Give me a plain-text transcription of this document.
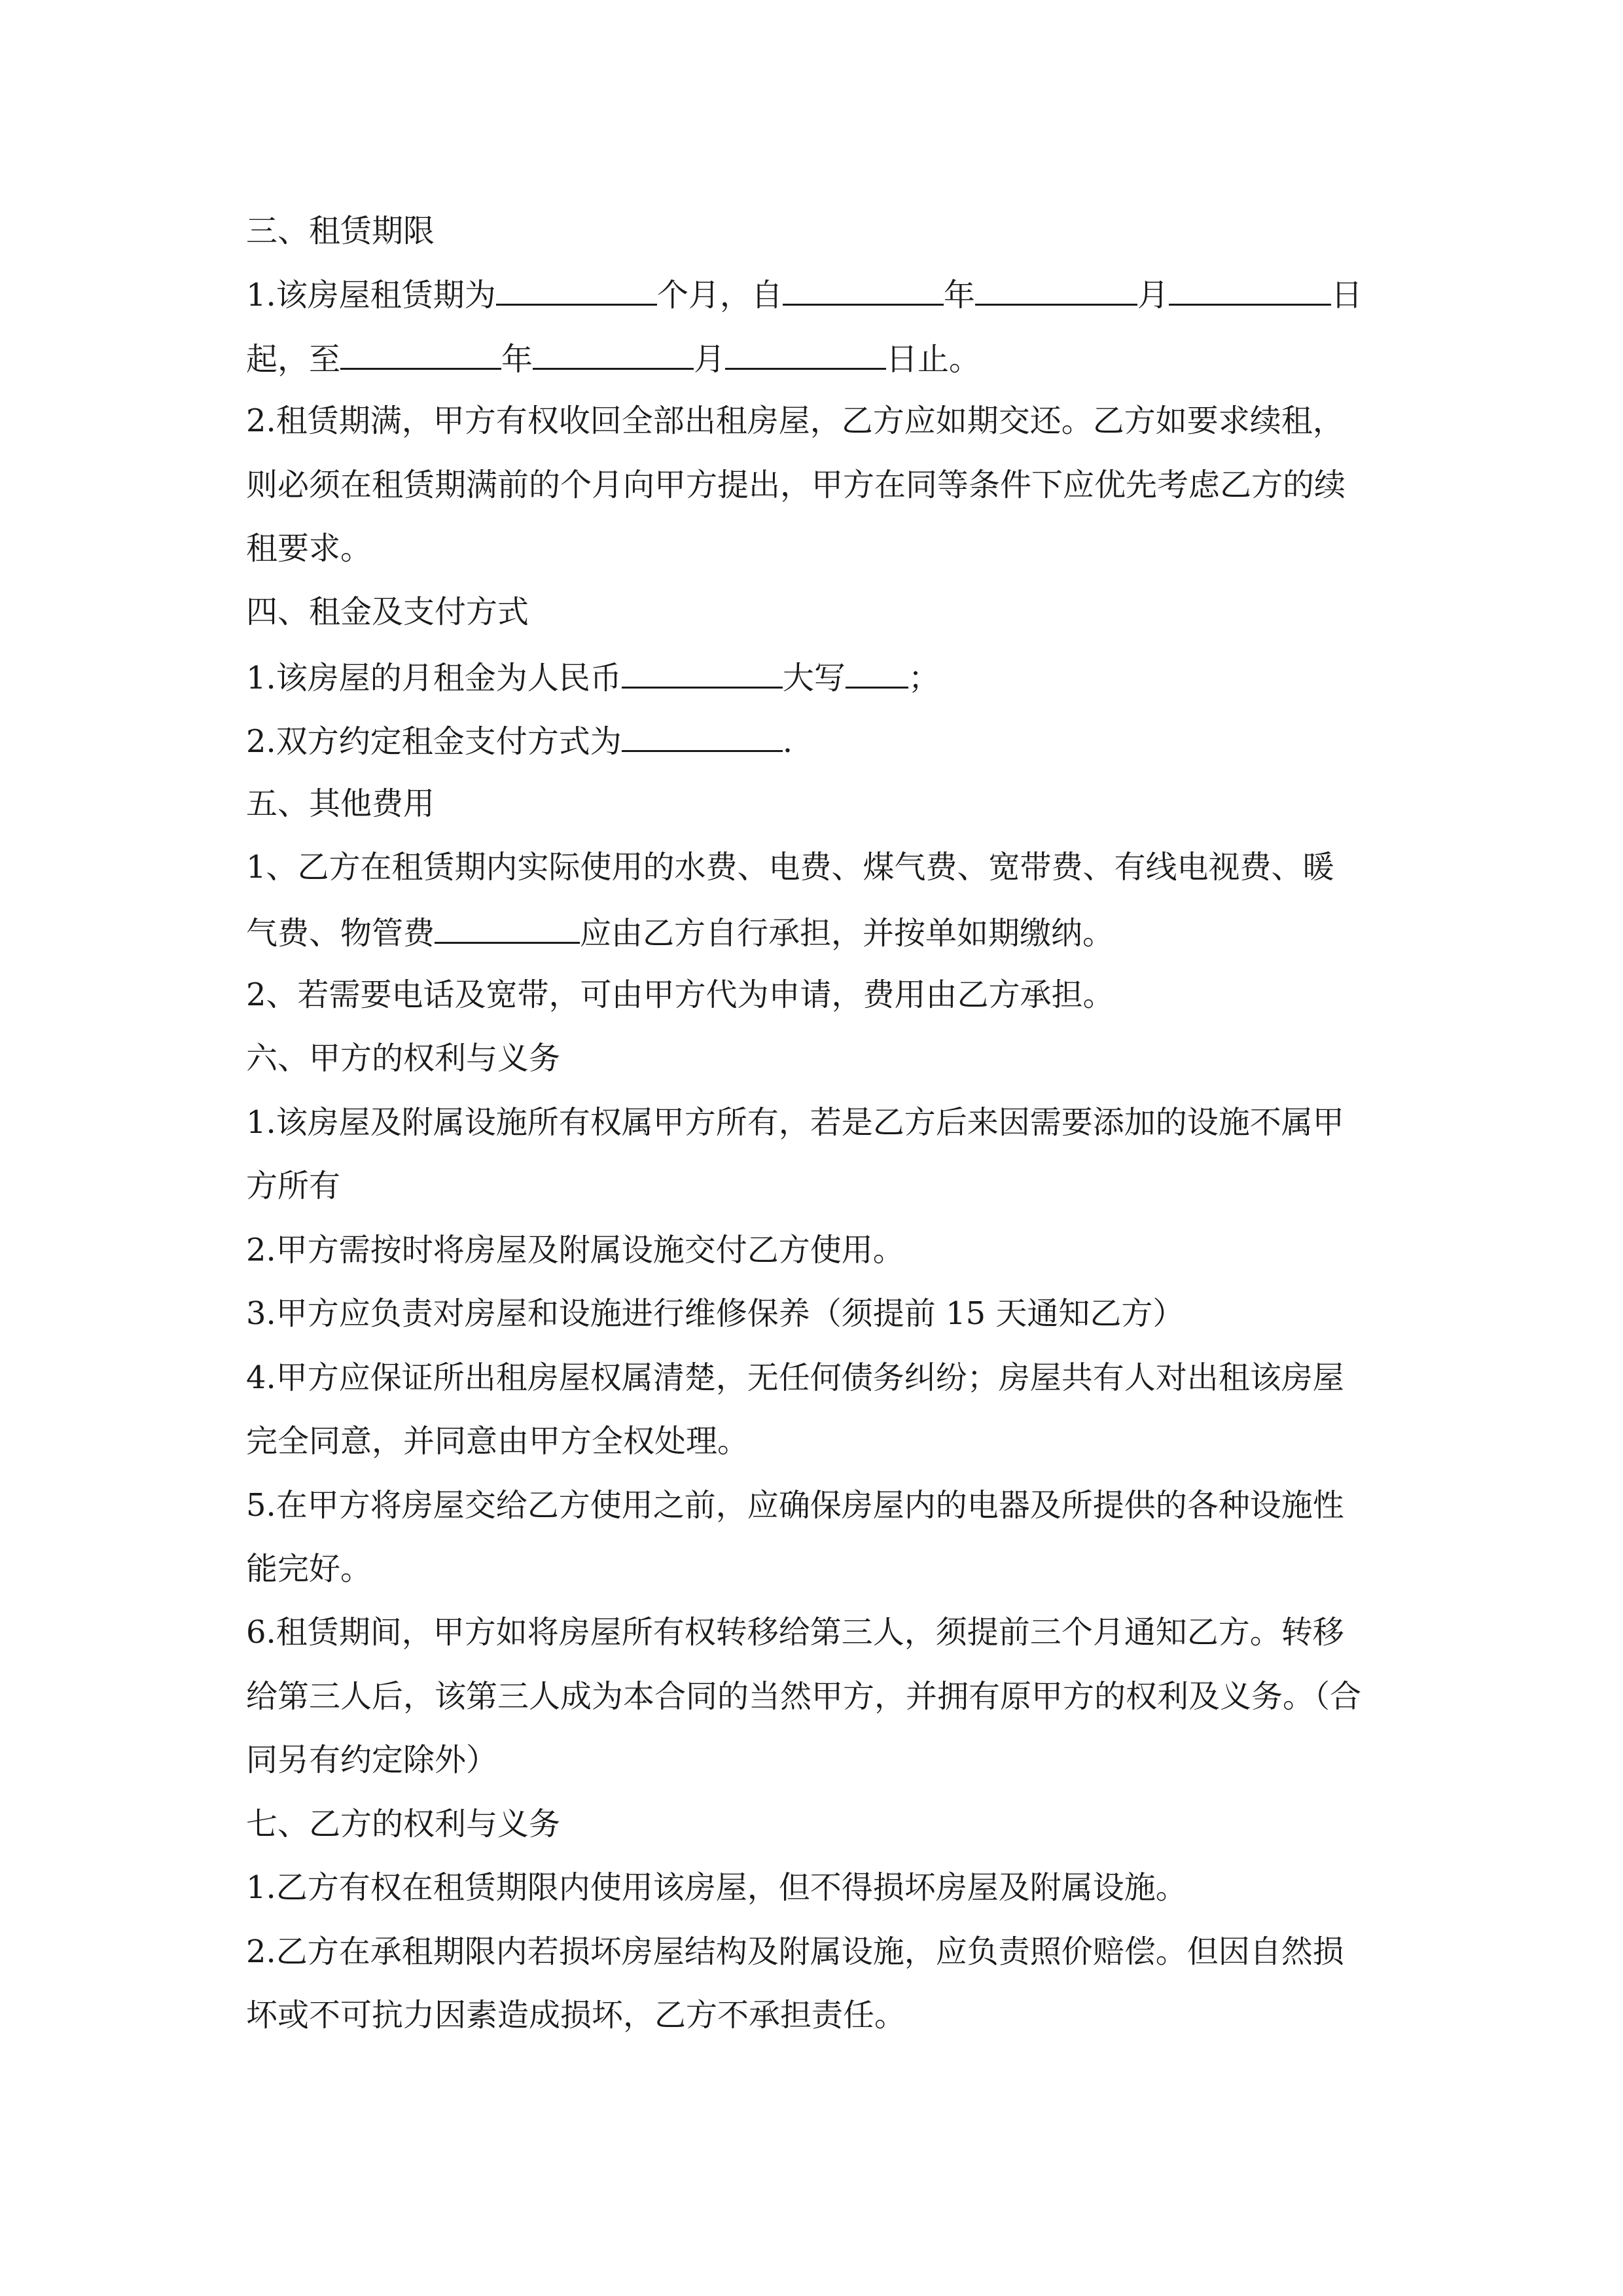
三、租赁期限
1.该房屋租赁期为	个月，自	年	月	日
起，至	年	月	日止。
2.租赁期满，甲方有权收回全部出租房屋，乙方应如期交还。乙方如要求续租，
则必须在租赁期满前的个月向甲方提出，甲方在同等条件下应优先考虑乙方的续
租要求。
四、租金及支付方式
1.该房屋的月租金为人民币	大写 ；
2.双方约定租金支付方式为	.
五、其他费用
1、乙方在租赁期内实际使用的水费、电费、煤气费、宽带费、有线电视费、暖
气费、物管费	应由乙方自行承担，并按单如期缴纳。
2、若需要电话及宽带，可由甲方代为申请，费用由乙方承担。
六、甲方的权利与义务
1.该房屋及附属设施所有权属甲方所有，若是乙方后来因需要添加的设施不属甲
方所有
2.甲方需按时将房屋及附属设施交付乙方使用。
3.甲方应负责对房屋和设施进行维修保养（须提前 15 天通知乙方）
4.甲方应保证所出租房屋权属清楚，无任何债务纠纷；房屋共有人对出租该房屋
完全同意，并同意由甲方全权处理。
5.在甲方将房屋交给乙方使用之前，应确保房屋内的电器及所提供的各种设施性
能完好。
6.租赁期间，甲方如将房屋所有权转移给第三人，须提前三个月通知乙方。转移
给第三人后，该第三人成为本合同的当然甲方，并拥有原甲方的权利及义务。（合
同另有约定除外）
七、乙方的权利与义务
1.乙方有权在租赁期限内使用该房屋，但不得损坏房屋及附属设施。
2.乙方在承租期限内若损坏房屋结构及附属设施，应负责照价赔偿。但因自然损
坏或不可抗力因素造成损坏，乙方不承担责任。
